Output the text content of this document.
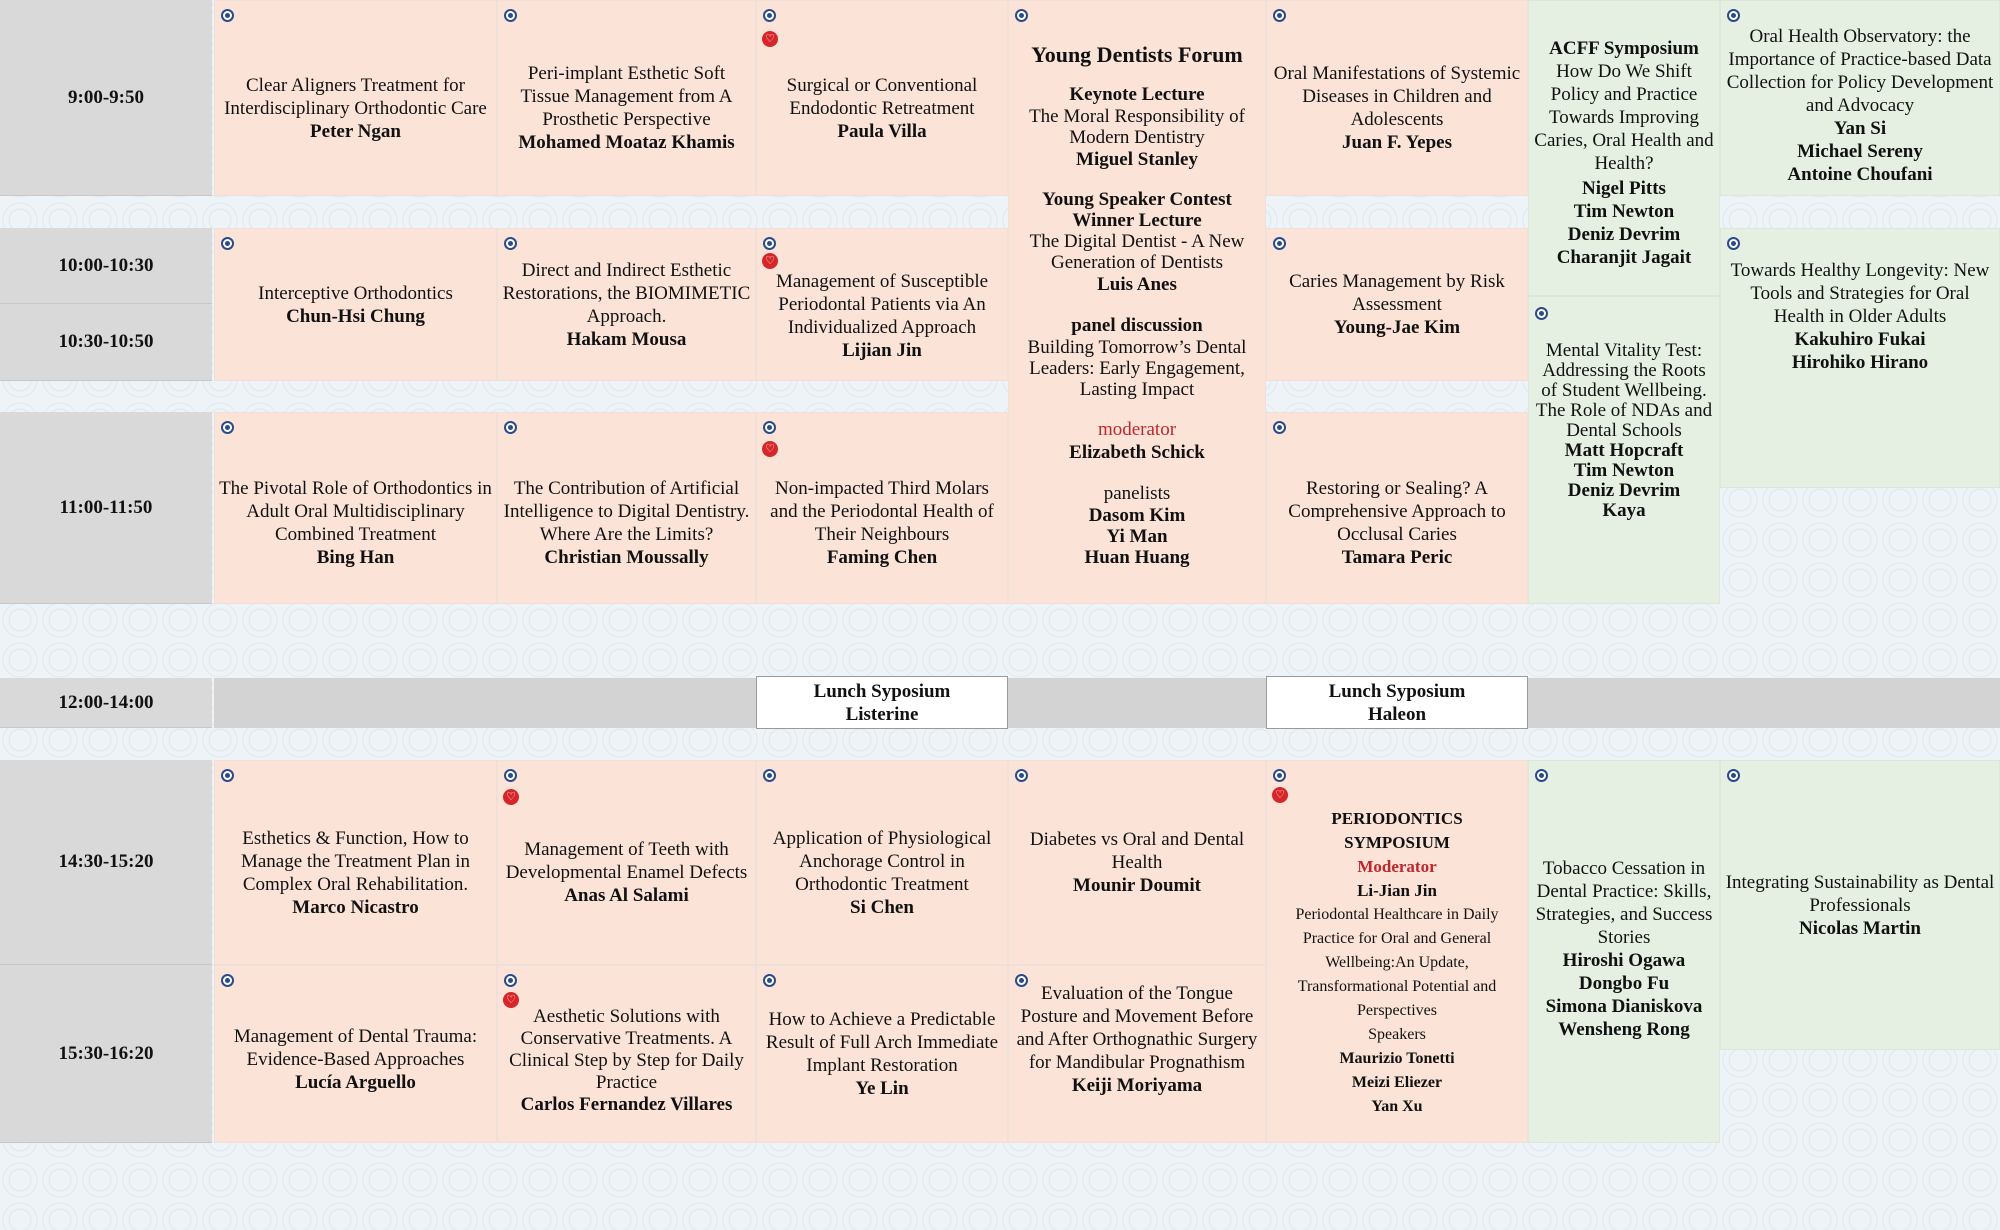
9:00-9:50
10:00-10:30
10:30-10:50
11:00-11:50
12:00-14:00
14:30-15:20
15:30-16:20
Clear Aligners Treatment for Interdisciplinary Orthodontic Care
Peter Ngan
Peri-implant Esthetic Soft Tissue Management from A Prosthetic Perspective
Mohamed Moataz Khamis
♡
Surgical or Conventional Endodontic Retreatment
Paula Villa
Young Dentists Forum
Keynote Lecture
The Moral Responsibility of Modern Dentistry
Miguel Stanley
Young Speaker Contest Winner Lecture
The Digital Dentist - A New Generation of Dentists
Luis Anes
panel discussion
Building Tomorrow’s Dental Leaders: Early Engagement, Lasting Impact
moderator
Elizabeth Schick
panelists
Dasom Kim
Yi Man
Huan Huang
Oral Manifestations of Systemic Diseases in Children and Adolescents
Juan F. Yepes
ACFF Symposium
How Do We Shift Policy and Practice Towards Improving Caries, Oral Health and Health?
Nigel Pitts
Tim Newton
Deniz Devrim
Charanjit Jagait
Mental Vitality Test: Addressing the Roots of Student Wellbeing. The Role of NDAs and Dental Schools
Matt Hopcraft
Tim Newton
Deniz Devrim
Kaya
Oral Health Observatory: the Importance of Practice-based Data Collection for Policy Development and Advocacy
Yan Si
Michael Sereny
Antoine Choufani
Interceptive Orthodontics
Chun-Hsi Chung
Direct and Indirect Esthetic Restorations, the BIOMIMETIC Approach.
Hakam Mousa
♡
Management of Susceptible Periodontal Patients via An Individualized Approach
Lijian Jin
Caries Management by Risk Assessment
Young-Jae Kim
Towards Healthy Longevity: New Tools and Strategies for Oral Health in Older Adults
Kakuhiro Fukai
Hirohiko Hirano
The Pivotal Role of Orthodontics in Adult Oral Multidisciplinary Combined Treatment
Bing Han
The Contribution of Artificial Intelligence to Digital Dentistry. Where Are the Limits?
Christian Moussally
♡
Non-impacted Third Molars and the Periodontal Health of Their Neighbours
Faming Chen
Restoring or Sealing? A Comprehensive Approach to Occlusal Caries
Tamara Peric
Lunch Syposium
Listerine
Lunch Syposium
Haleon
Esthetics & Function, How to Manage the Treatment Plan in Complex Oral Rehabilitation.
Marco Nicastro
♡
Management of Teeth with Developmental Enamel Defects
Anas Al Salami
Application of Physiological Anchorage Control in Orthodontic Treatment
Si Chen
Diabetes vs Oral and Dental Health
Mounir Doumit
♡
PERIODONTICS SYMPOSIUM
Moderator
Li-Jian Jin
Periodontal Healthcare in Daily Practice for Oral and General Wellbeing:An Update, Transformational Potential and Perspectives
Speakers
Maurizio Tonetti
Meizi Eliezer
Yan Xu
Tobacco Cessation in Dental Practice: Skills, Strategies, and Success Stories
Hiroshi Ogawa
Dongbo Fu
Simona Dianiskova
Wensheng Rong
Integrating Sustainability as Dental Professionals
Nicolas Martin
Management of Dental Trauma: Evidence-Based Approaches
Lucía Arguello
♡
Aesthetic Solutions with Conservative Treatments. A Clinical Step by Step for Daily Practice
Carlos Fernandez Villares
How to Achieve a Predictable Result of Full Arch Immediate Implant Restoration
Ye Lin
Evaluation of the Tongue Posture and Movement Before and After Orthognathic Surgery for Mandibular Prognathism
Keiji Moriyama
